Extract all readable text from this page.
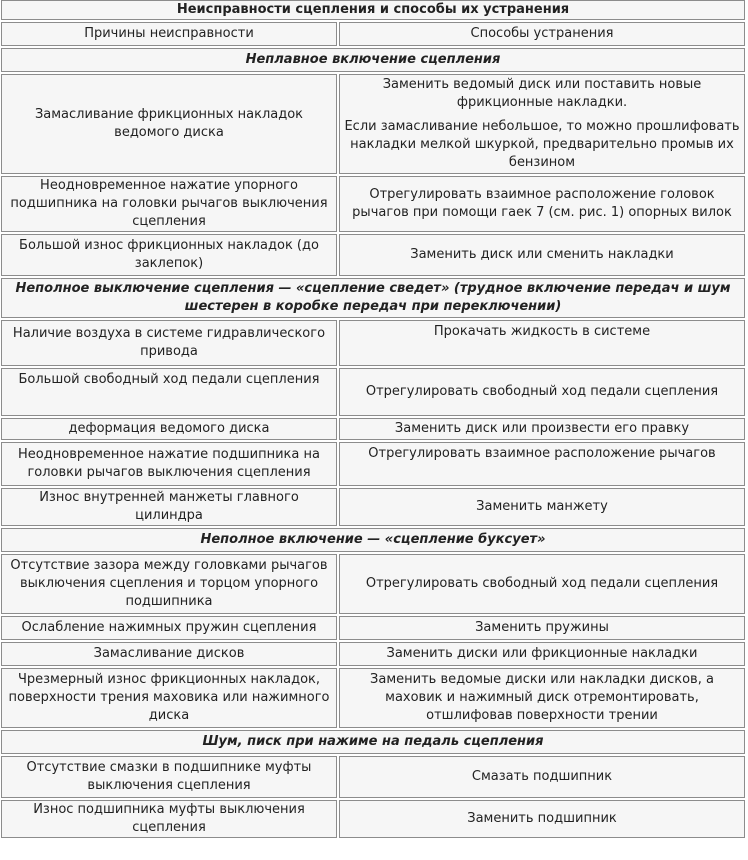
Неисправности сцепления и способы их устранения	
Причины неисправности	Способы устранения
Неплавное включение сцепления	
Замасливание фрикционных накладок ведомого диска	Заменить ведомый диск или поставить новые фрикционные накладки.
Если замасливание небольшое, то можно прошлифовать накладки мелкой шкуркой, предварительно промыв их бензином

Неодновременное нажатие упорного подшипника на головки рычагов выключения сцепления	Отрегулировать взаимное расположение головок рычагов при помощи гаек 7 (см. рис. 1) опорных вилок

Большой износ фрикционных накладок (до заклепок)	Заменить диск или сменить накладки

Неполное выключение сцепления — «сцепление сведет» (трудное включение передач и шум шестерен в коробке передач при переключении)	
Наличие воздуха в системе гидравлического привода	Прокачать жидкость в системе

Большой свободный ход педали сцепления	Отрегулировать свободный ход педали сцепления

деформация ведомого диска	Заменить диск или произвести его правку

Неодновременное нажатие подшипника на головки рычагов выключения сцепления	Отрегулировать взаимное расположение рычагов

Износ внутренней манжеты главного цилиндра	Заменить манжету

Неполное включение — «сцепление буксует»	
Отсутствие зазора между головками рычагов выключения сцепления и торцом упорного подшипника	Отрегулировать свободный ход педали сцепления

Ослабление нажимных пружин сцепления	Заменить пружины

Замасливание дисков	Заменить диски или фрикционные накладки

Чрезмерный износ фрикционных накладок, поверхности трения маховика или нажимного диска	Заменить ведомые диски или накладки дисков, а маховик и нажимный диск отремонтировать, отшлифовав поверхности трении

Шум, писк при нажиме на педаль сцепления	
Отсутствие смазки в подшипнике муфты выключения сцепления	Смазать подшипник

Износ подшипника муфты выключения сцепления	Заменить подшипник
